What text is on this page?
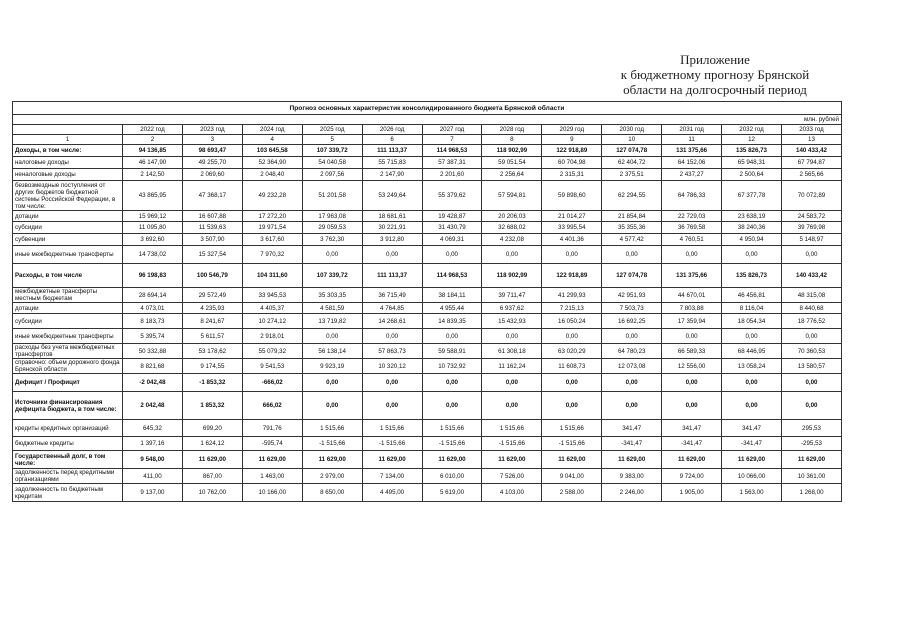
Приложение
к бюджетному прогнозу Брянской
области на долгосрочный период
Прогноз основных характеристик консолидированного бюджета Брянской области												
млн. рублей												
	2022 год	2023 год	2024 год	2025 год	2026 год	2027 год	2028 год	2029 год	2030 год	2031 год	2032 год	2033 год
1	2	3	4	5	6	7	8	9	10	11	12	13
Доходы, в том числе:	94 136,85	98 693,47	103 645,58	107 339,72	111 113,37	114 968,53	118 902,99	122 918,89	127 074,78	131 375,66	135 826,73	140 433,42
налоговые доходы	46 147,90	49 255,70	52 364,90	54 040,58	55 715,83	57 387,31	59 051,54	60 704,98	62 404,72	64 152,06	65 948,31	67 794,87
неналоговые доходы	2 142,50	2 069,60	2 048,40	2 097,56	2 147,90	2 201,60	2 256,64	2 315,31	2 375,51	2 437,27	2 500,64	2 565,66
безвозмездные поступления от других бюджетов бюджетной системы Российской Федерации, в том числе:	43 865,95	47 368,17	49 232,28	51 201,58	53 249,64	55 379,62	57 594,81	59 898,60	62 294,55	64 786,33	67 377,78	70 072,89
дотации	15 969,12	16 607,88	17 272,20	17 963,08	18 681,61	19 428,87	20 206,03	21 014,27	21 854,84	22 729,03	23 638,19	24 583,72
субсидии	11 095,80	11 539,63	19 971,54	29 059,53	30 221,91	31 430,79	32 688,02	33 995,54	35 355,36	36 769,58	38 240,36	39 769,98
субвенции	3 692,60	3 507,90	3 617,60	3 762,30	3 912,80	4 069,31	4 232,08	4 401,36	4 577,42	4 760,51	4 950,94	5 148,97
иные межбюджетные трансферты	14 738,02	15 327,54	7 970,32	0,00	0,00	0,00	0,00	0,00	0,00	0,00	0,00	0,00
Расходы, в том числе	96 198,83	100 546,79	104 311,60	107 339,72	111 113,37	114 968,53	118 902,99	122 918,89	127 074,78	131 375,66	135 826,73	140 433,42
межбюджетные трансферты местным бюджетам	28 694,14	29 572,49	33 945,53	35 303,35	36 715,49	38 184,11	39 711,47	41 299,93	42 951,93	44 670,01	46 456,81	48 315,08
дотации	4 073,01	4 235,93	4 405,37	4 581,59	4 764,85	4 955,44	6 937,62	7 215,13	7 503,73	7 803,88	8 116,04	8 440,68
субсидии	8 183,73	8 241,67	10 274,12	13 719,82	14 268,61	14 839,35	15 432,93	16 050,24	16 692,25	17 359,94	18 054,34	18 776,52
иные межбюджетные трансферты	5 395,74	5 611,57	2 918,01	0,00	0,00	0,00	0,00	0,00	0,00	0,00	0,00	0,00
расходы без учета межбюджетных трансфертов	50 332,88	53 178,62	55 079,32	56 138,14	57 863,73	59 588,91	61 308,18	63 020,29	64 780,23	66 589,33	68 446,95	70 360,53
справочно: объем дорожного фонда Брянской области	8 821,68	9 174,55	9 541,53	9 923,19	10 320,12	10 732,92	11 162,24	11 608,73	12 073,08	12 556,00	13 058,24	13 580,57
Дефицит / Профицит	-2 042,48	-1 853,32	-666,02	0,00	0,00	0,00	0,00	0,00	0,00	0,00	0,00	0,00
Источники финансирования дефицита бюджета, в том числе:	2 042,48	1 853,32	666,02	0,00	0,00	0,00	0,00	0,00	0,00	0,00	0,00	0,00
кредиты кредитных организаций	645,32	699,20	791,76	1 515,66	1 515,66	1 515,66	1 515,66	1 515,66	341,47	341,47	341,47	295,53
бюджетные кредиты	1 397,16	1 624,12	-595,74	-1 515,66	-1 515,66	-1 515,66	-1 515,66	-1 515,66	-341,47	-341,47	-341,47	-295,53
Государственный долг, в том числе:	9 548,00	11 629,00	11 629,00	11 629,00	11 629,00	11 629,00	11 629,00	11 629,00	11 629,00	11 629,00	11 629,00	11 629,00
задолженность перед кредитными организациями	411,00	867,00	1 463,00	2 979,00	7 134,00	6 010,00	7 526,00	9 041,00	9 383,00	9 724,00	10 066,00	10 361,00
задолженность по бюджетным кредитам	9 137,00	10 762,00	10 166,00	8 650,00	4 495,00	5 619,00	4 103,00	2 588,00	2 246,00	1 905,00	1 563,00	1 268,00
